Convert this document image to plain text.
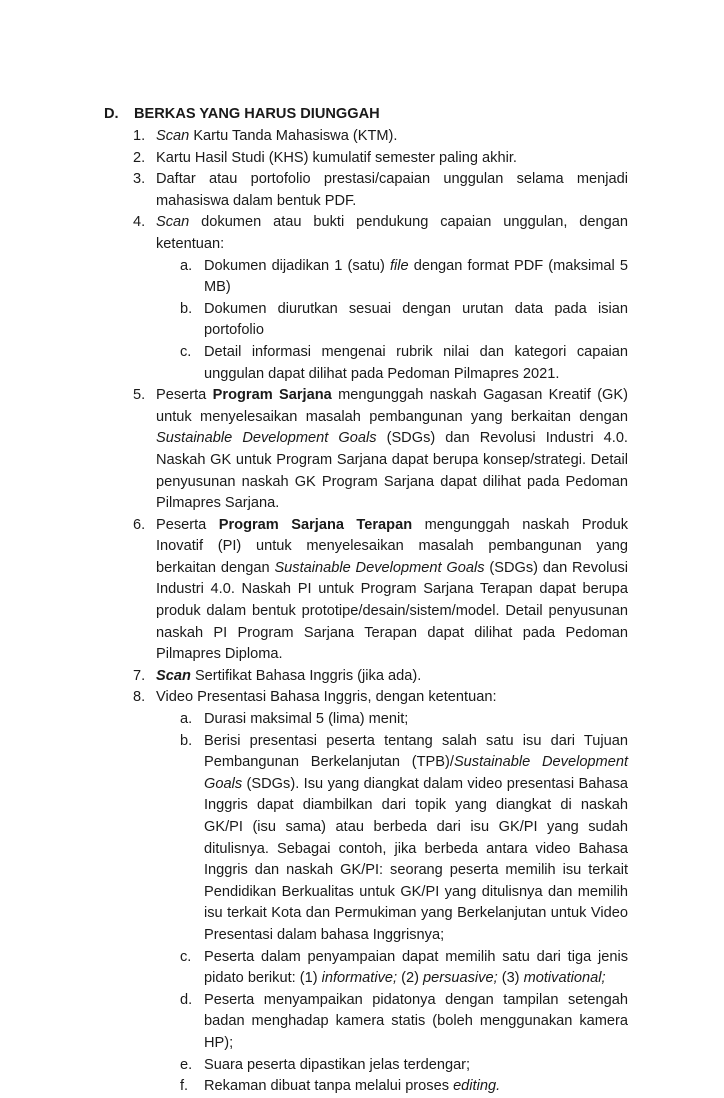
D. BERKAS YANG HARUS DIUNGGAH
1. Scan Kartu Tanda Mahasiswa (KTM).
2. Kartu Hasil Studi (KHS) kumulatif semester paling akhir.
3. Daftar atau portofolio prestasi/capaian unggulan selama menjadi mahasiswa dalam bentuk PDF.
4. Scan dokumen atau bukti pendukung capaian unggulan, dengan ketentuan:
a. Dokumen dijadikan 1 (satu) file dengan format PDF (maksimal 5 MB)
b. Dokumen diurutkan sesuai dengan urutan data pada isian portofolio
c. Detail informasi mengenai rubrik nilai dan kategori capaian unggulan dapat dilihat pada Pedoman Pilmapres 2021.
5. Peserta Program Sarjana mengunggah naskah Gagasan Kreatif (GK) untuk menyelesaikan masalah pembangunan yang berkaitan dengan Sustainable Development Goals (SDGs) dan Revolusi Industri 4.0. Naskah GK untuk Program Sarjana dapat berupa konsep/strategi. Detail penyusunan naskah GK Program Sarjana dapat dilihat pada Pedoman Pilmapres Sarjana.
6. Peserta Program Sarjana Terapan mengunggah naskah Produk Inovatif (PI) untuk menyelesaikan masalah pembangunan yang berkaitan dengan Sustainable Development Goals (SDGs) dan Revolusi Industri 4.0. Naskah PI untuk Program Sarjana Terapan dapat berupa produk dalam bentuk prototipe/desain/sistem/model. Detail penyusunan naskah PI Program Sarjana Terapan dapat dilihat pada Pedoman Pilmapres Diploma.
7. Scan Sertifikat Bahasa Inggris (jika ada).
8. Video Presentasi Bahasa Inggris, dengan ketentuan:
a. Durasi maksimal 5 (lima) menit;
b. Berisi presentasi peserta tentang salah satu isu dari Tujuan Pembangunan Berkelanjutan (TPB)/Sustainable Development Goals (SDGs). Isu yang diangkat dalam video presentasi Bahasa Inggris dapat diambilkan dari topik yang diangkat di naskah GK/PI (isu sama) atau berbeda dari isu GK/PI yang sudah ditulisnya. Sebagai contoh, jika berbeda antara video Bahasa Inggris dan naskah GK/PI: seorang peserta memilih isu terkait Pendidikan Berkualitas untuk GK/PI yang ditulisnya dan memilih isu terkait Kota dan Permukiman yang Berkelanjutan untuk Video Presentasi dalam bahasa Inggrisnya;
c. Peserta dalam penyampaian dapat memilih satu dari tiga jenis pidato berikut: (1) informative; (2) persuasive; (3) motivational;
d. Peserta menyampaikan pidatonya dengan tampilan setengah badan menghadap kamera statis (boleh menggunakan kamera HP);
e. Suara peserta dipastikan jelas terdengar;
f. Rekaman dibuat tanpa melalui proses editing.
